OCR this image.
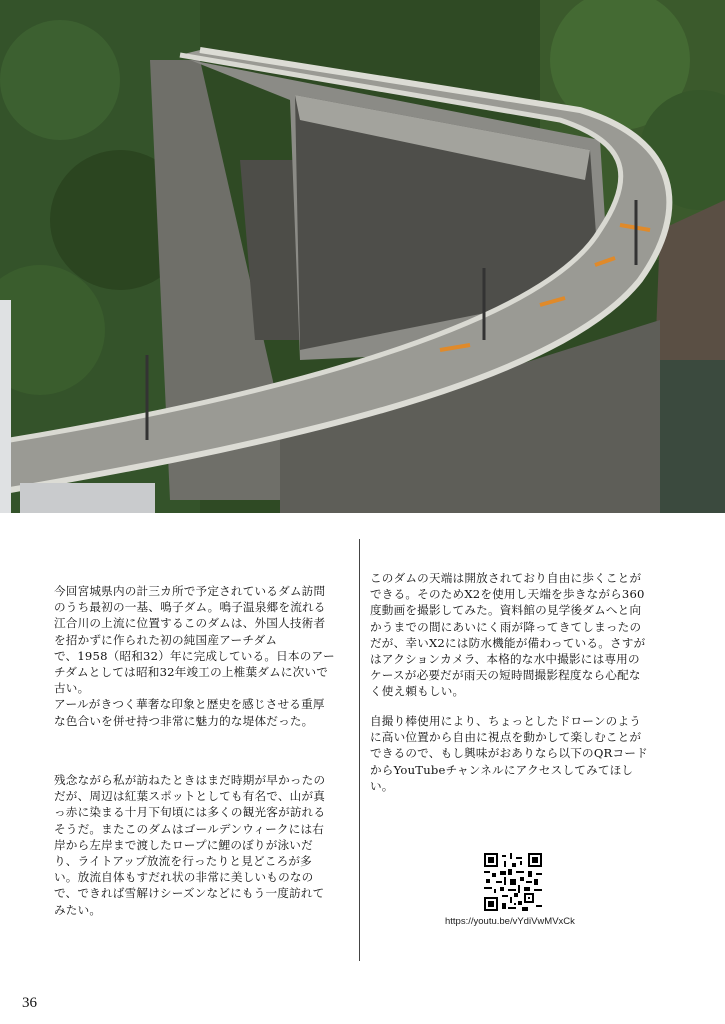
今回宮城県内の計三カ所で予定されているダム訪問
のうち最初の一基、鳴子ダム。鳴子温泉郷を流れる
江合川の上流に位置するこのダムは、外国人技術者
を招かずに作られた初の純国産アーチダム
で、1958（昭和32）年に完成している。日本のアー
チダムとしては昭和32年竣工の上椎葉ダムに次いで
古い。
アールがきつく華奢な印象と歴史を感じさせる重厚
な色合いを併せ持つ非常に魅力的な堤体だった。

残念ながら私が訪ねたときはまだ時期が早かったの
だが、周辺は紅葉スポットとしても有名で、山が真
っ赤に染まる十月下旬頃には多くの観光客が訪れる
そうだ。またこのダムはゴールデンウィークには右
岸から左岸まで渡したロープに鯉のぼりが泳いだ
り、ライトアップ放流を行ったりと見どころが多
い。放流自体もすだれ状の非常に美しいものなの
で、できれば雪解けシーズンなどにもう一度訪れて
みたい。

このダムの天端は開放されており自由に歩くことが
できる。そのためX2を使用し天端を歩きながら360
度動画を撮影してみた。資料館の見学後ダムへと向
かうまでの間にあいにく雨が降ってきてしまったの
だが、幸いX2には防水機能が備わっている。さすが
はアクションカメラ、本格的な水中撮影には専用の
ケースが必要だが雨天の短時間撮影程度なら心配な
く使え頼もしい。

自撮り棒使用により、ちょっとしたドローンのよう
に高い位置から自由に視点を動かして楽しむことが
できるので、もし興味がおありなら以下のQRコード
からYouTubeチャンネルにアクセスしてみてほし
い。

https://youtu.be/vYdiVwMVxCk
36
